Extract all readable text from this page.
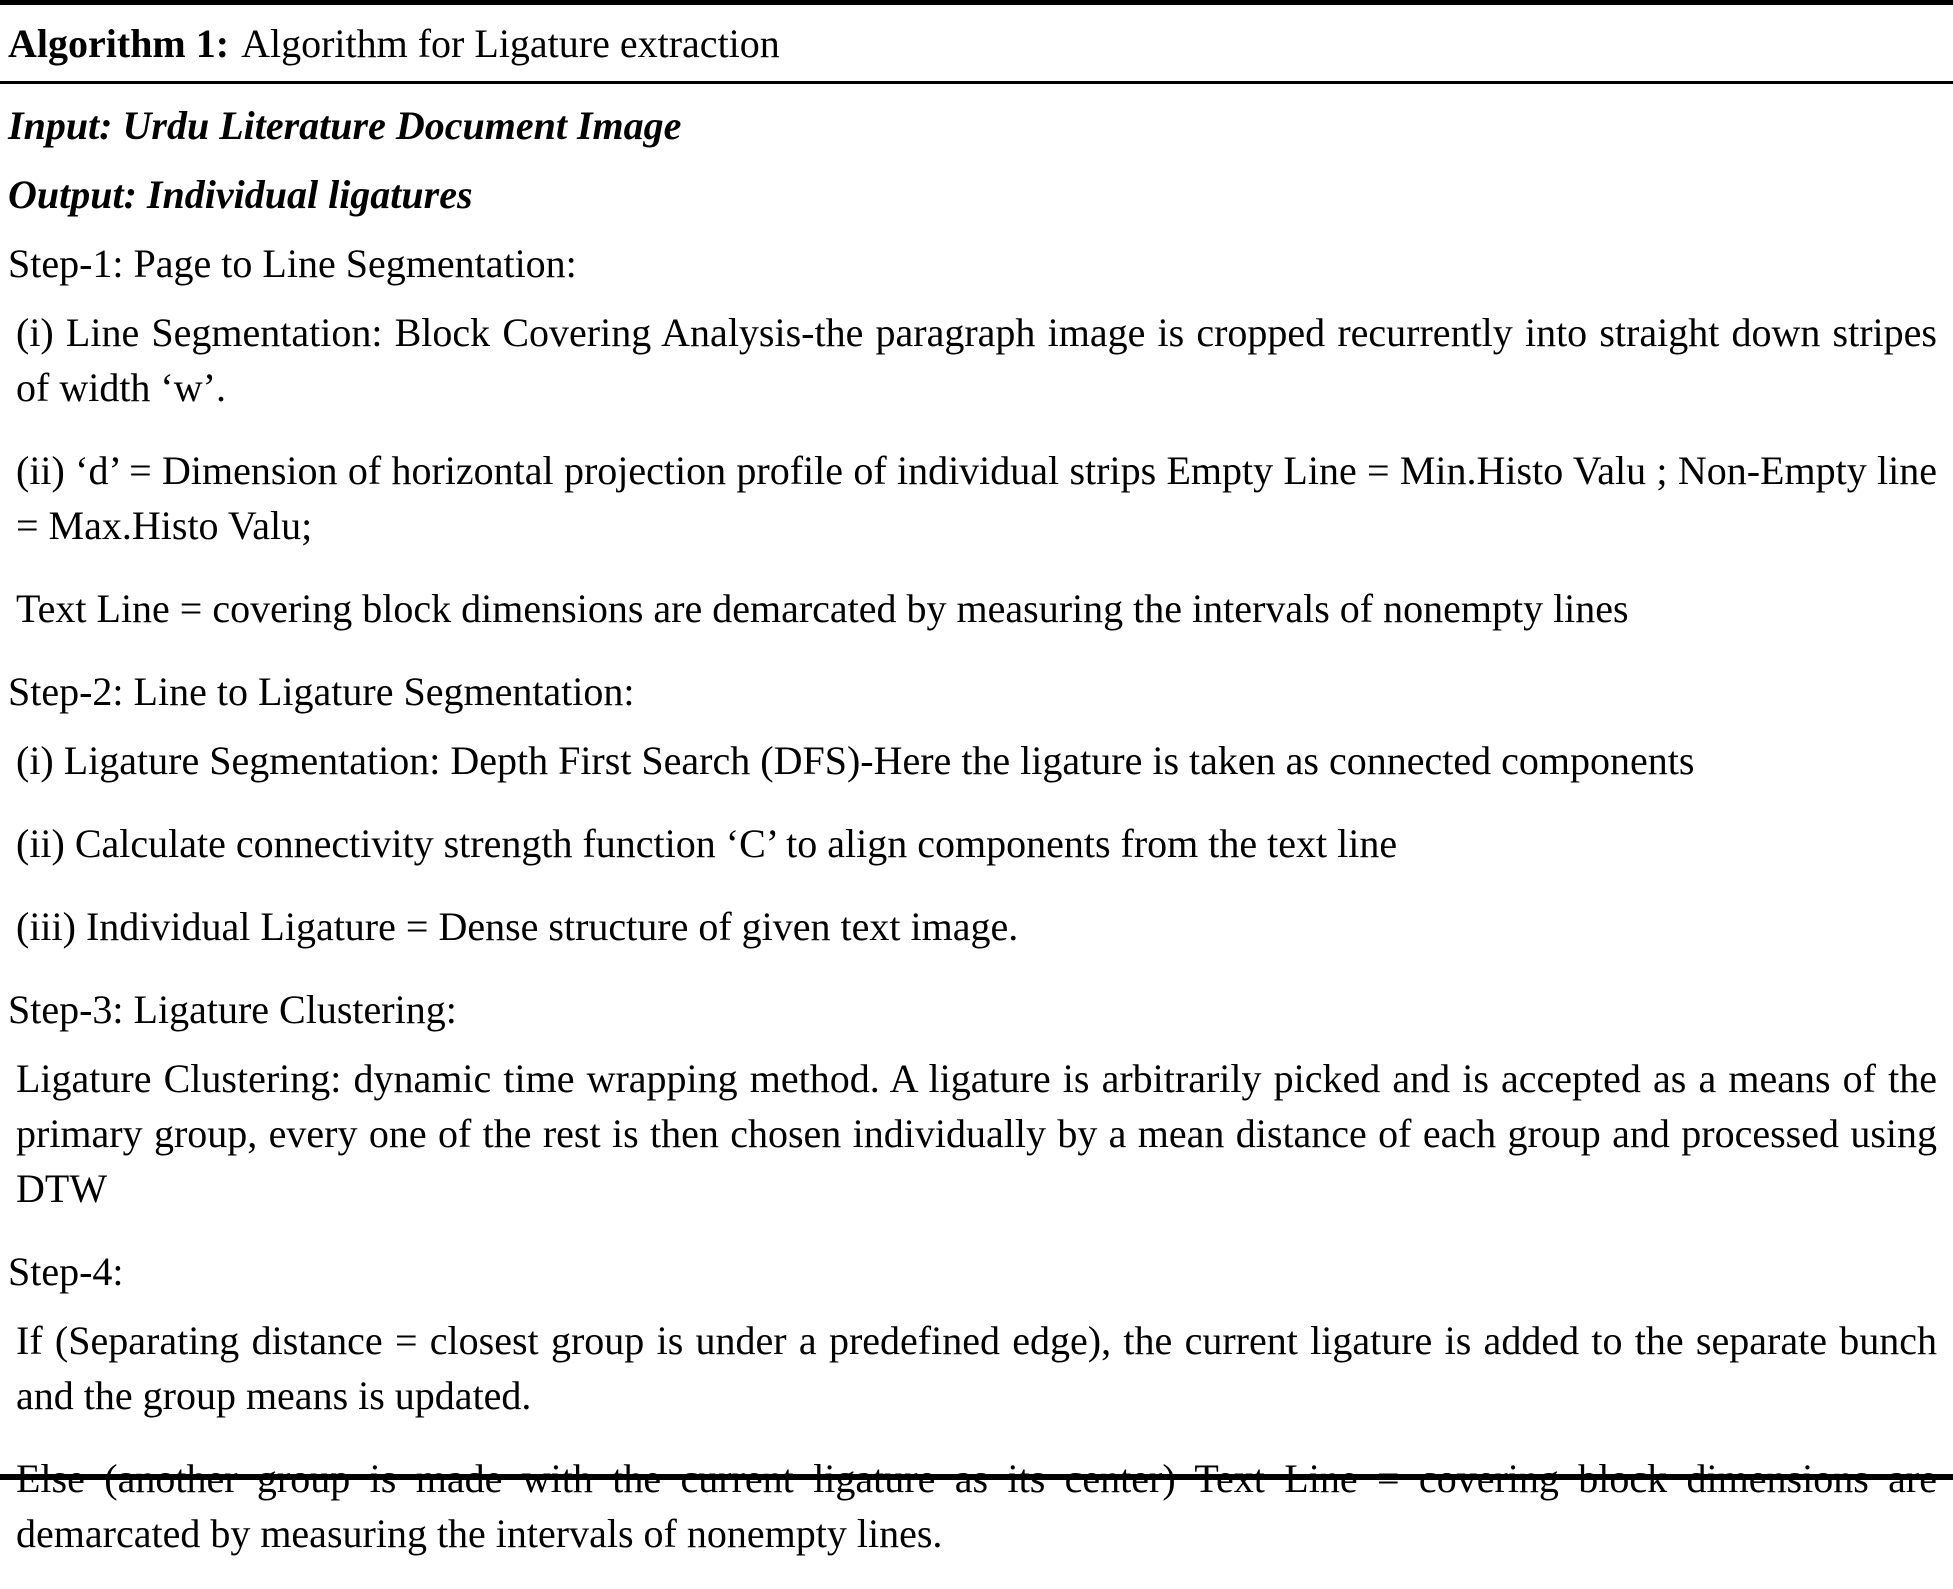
Algorithm 1: Algorithm for Ligature extraction

Input: Urdu Literature Document Image

Output: Individual ligatures

Step-1: Page to Line Segmentation:

(i) Line Segmentation: Block Covering Analysis-the paragraph image is cropped recurrently into straight down stripes of width ‘w’.

(ii) ‘d’ = Dimension of horizontal projection profile of individual strips Empty Line = Min.Histo Valu ; Non-Empty line = Max.Histo Valu;

Text Line = covering block dimensions are demarcated by measuring the intervals of nonempty lines

Step-2: Line to Ligature Segmentation:

(i) Ligature Segmentation: Depth First Search (DFS)-Here the ligature is taken as connected components

(ii) Calculate connectivity strength function ‘C’ to align components from the text line

(iii) Individual Ligature = Dense structure of given text image.

Step-3: Ligature Clustering:

Ligature Clustering: dynamic time wrapping method. A ligature is arbitrarily picked and is accepted as a means of the primary group, every one of the rest is then chosen individually by a mean distance of each group and processed using DTW

Step-4:

If (Separating distance = closest group is under a predefined edge), the current ligature is added to the separate bunch and the group means is updated.

Else (another group is made with the current ligature as its center) Text Line = covering block dimensions are demarcated by measuring the intervals of nonempty lines.
